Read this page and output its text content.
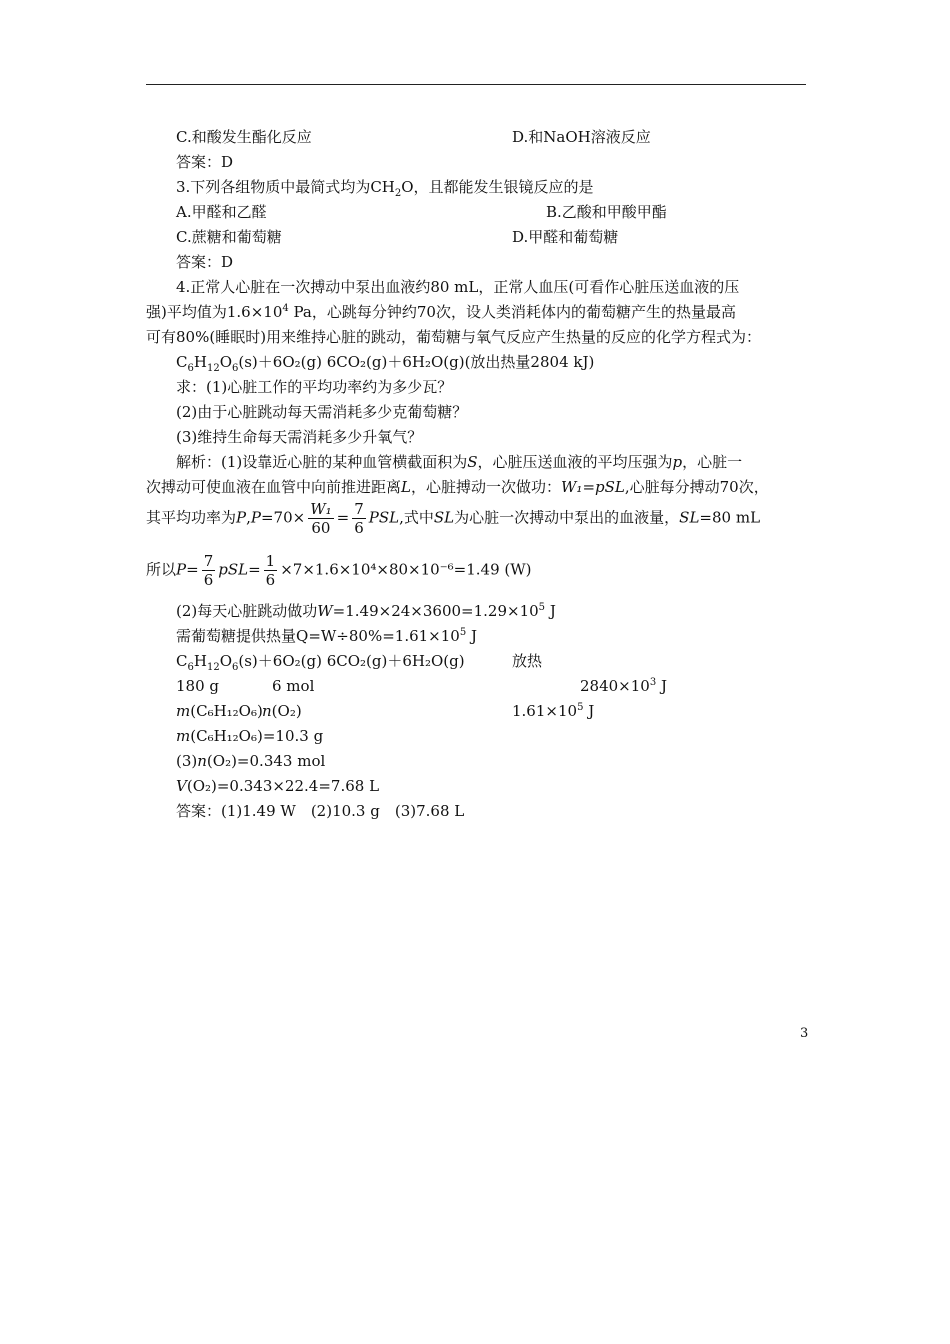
C.和酸发生酯化反应	D.和NaOH溶液反应
答案：D
3.下列各组物质中最简式均为$CH_2O$，且都能发生银镜反应的是
A.甲醛和乙醛	B.乙酸和甲酸甲酯
C.蔗糖和葡萄糖	D.甲醛和葡萄糖
答案：D
4.正常人心脏在一次搏动中泵出血液约80 mL，正常人血压(可看作心脏压送血液的压
强)平均值为$1.6\times 10^4$ Pa，心跳每分钟约70次，设人类消耗体内的葡萄糖产生的热量最高
可有80%(睡眠时)用来维持心脏的跳动，葡萄糖与氧气反应产生热量的反应的化学方程式为：
$C_6H_{12}O_6(s)+6O_2(g)$ 6CO₂(g)＋6H₂O(g)(放出热量2804 kJ)
求：(1)心脏工作的平均功率约为多少瓦？
(2)由于心脏跳动每天需消耗多少克葡萄糖？
(3)维持生命每天需消耗多少升氧气？
解析：(1)设靠近心脏的某种血管横截面积为S，心脏压送血液的平均压强为p，心脏一
次搏动可使血液在血管中向前推进距离L，心脏搏动一次做功：W₁=pSL,心脏每分搏动70次，
其平均功率为$P,P=70\times \frac{\text{W₁}}{60} = \frac{7}{6}$ PSL,式中SL为心脏一次搏动中泵出的血液量，SL=80 mL
所以$P= \frac{7}{6} pSL= \frac{1}{6} \times 7\times 1.6\times 10^4\times 80\times 10^{-6}=1.49$ (W)
(2)每天心脏跳动做功$W=1.49\times 24\times 3600=1.29\times 10^5$ J
需葡萄糖提供热量$Q=W\div 80\%=1.61\times 10^5$ J
$C_6H_{12}O_6(s)+6O_2(g)$ 6CO₂(g)＋6H₂O(g)	放热
180 g	6 mol	$2840\times 10^3$ J
m(C₆H₁₂O₆) n(O₂)	$1.61\times 10^5$ J
m(C₆H₁₂O₆)=10.3 g
(3)n(O₂)=0.343 mol
V(O₂)=0.343×22.4=7.68 L
答案：(1)1.49 W　(2)10.3 g　(3)7.68 L
3
